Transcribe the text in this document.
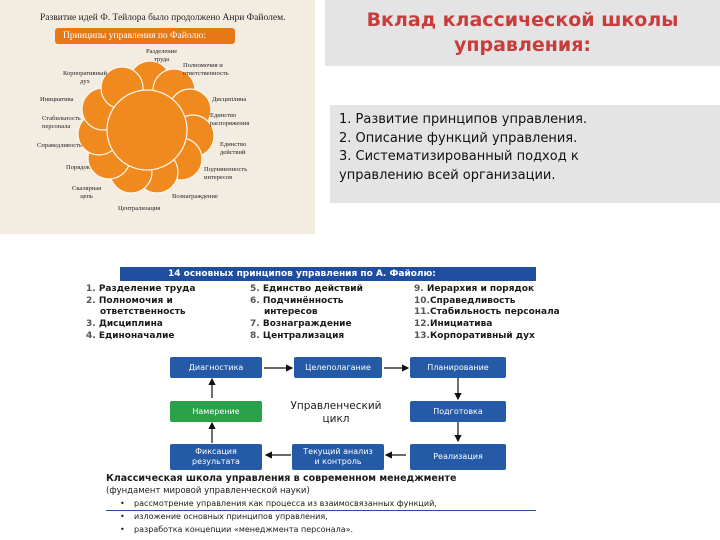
Развитие идей Ф. Тейлора было продолжено Анри Файолем.
Принципы управления по Файолю:
Разделение
труда
Полномочия и
ответственность
Корпоративный
дух
Инициатива	Дисциплина
Стабильность
персонала
Единство
распоряжения
Справедливость	Единство
действий
Порядок	Подчиненность
интересов
Скалярная
цепь	Вознаграждение
Централизация
Вклад классической школы управления:

1. Развитие принципов управления.

2. Описание функций управления.

3. Систематизированный подход к

управлению всей организации.

14 основных принципов управления по А. Файолю:
1. Разделение труда
2. Полномочия и
ответственность
3. Дисциплина
4. Единоначалие
5. Единство действий
6. Подчинённость
интересов
7. Вознаграждение
8. Централизация
9. Иерархия и порядок
10.Справедливость
11.Стабильность персонала
12.Инициатива
13.Корпоративный дух
Диагностика	Целеполагание	Планирование
Намерение	Подготовка
Фиксация
результата
Текущий анализ
и контроль
Реализация
Управленческий
цикл
Классическая школа управления в современном менеджменте
(фундамент мировой управленческой науки)
• рассмотрение управления как процесса из взаимосвязанных функций,
• изложение основных принципов управления,
• разработка концепции «менеджмента персонала».
